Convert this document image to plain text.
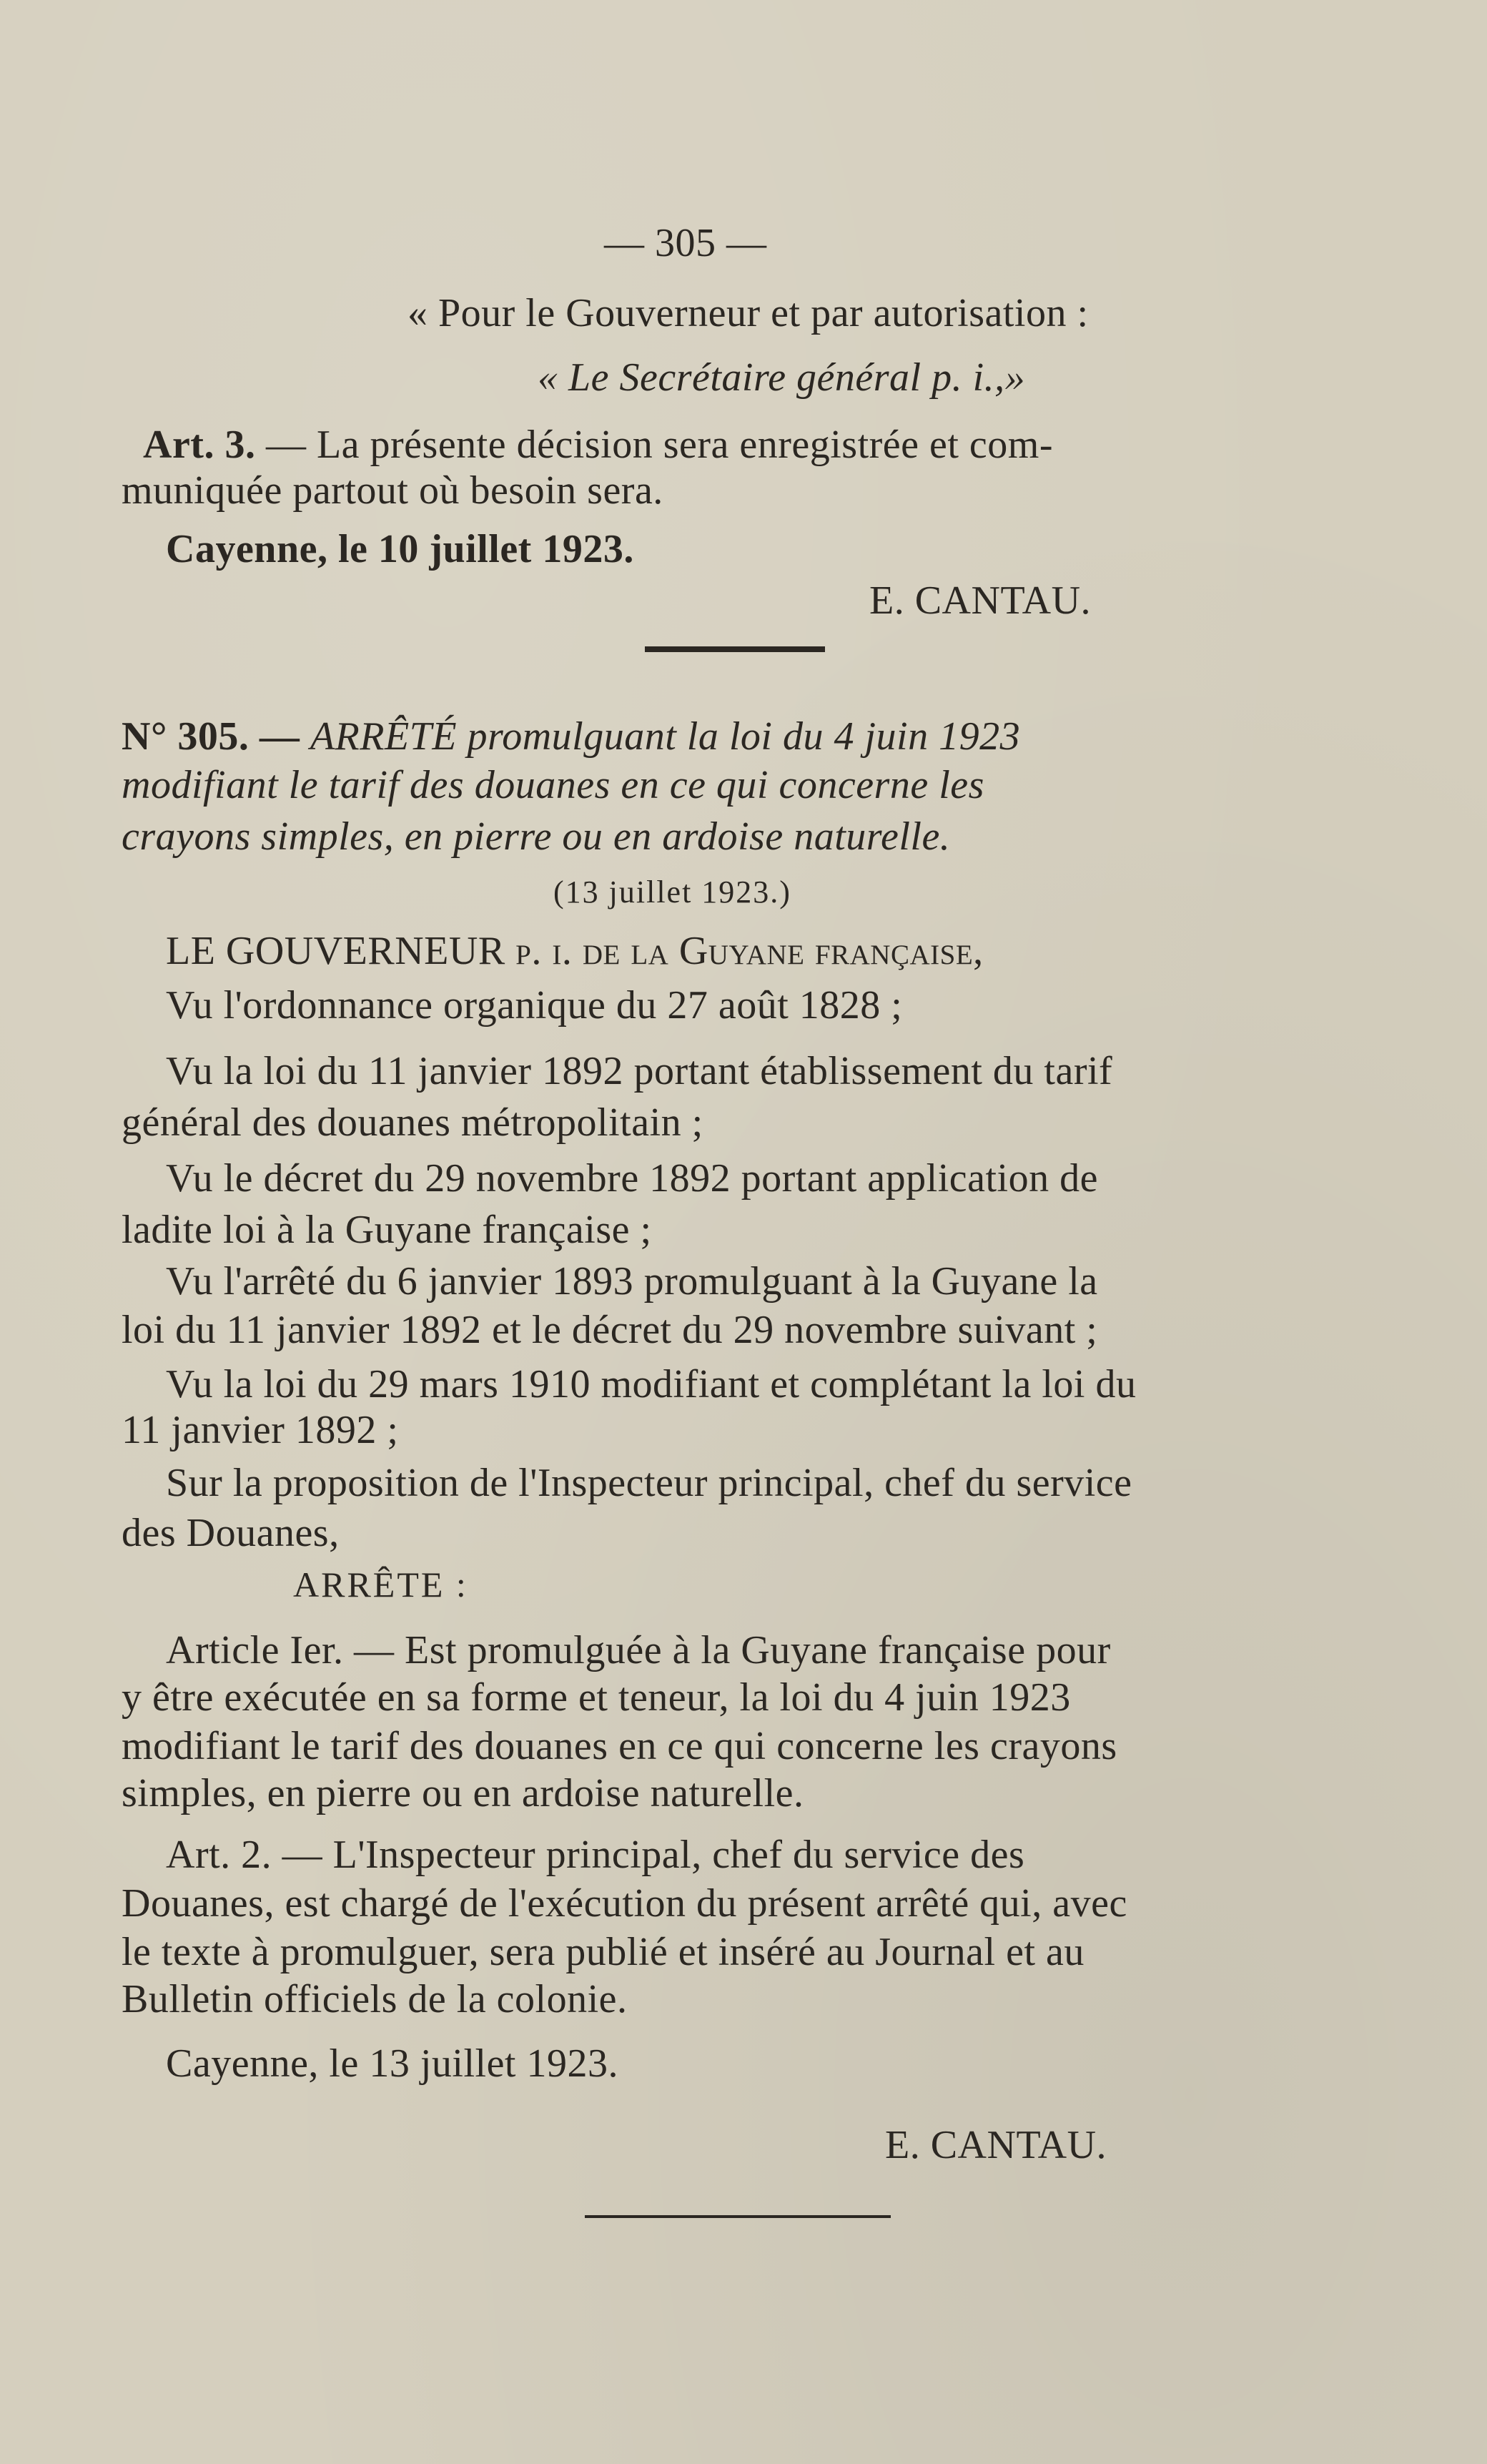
— 305 —
« Pour le Gouverneur et par autorisation :
« Le Secrétaire général p. i.,»
Art. 3. — La présente décision sera enregistrée et com-
muniquée partout où besoin sera.
Cayenne, le 10 juillet 1923.
E. CANTAU.
N° 305. — ARRÊTÉ promulguant la loi du 4 juin 1923
modifiant le tarif des douanes en ce qui concerne les
crayons simples, en pierre ou en ardoise naturelle.
(13 juillet 1923.)
LE GOUVERNEUR p. i. de la Guyane française,
Vu l'ordonnance organique du 27 août 1828 ;
Vu la loi du 11 janvier 1892 portant établissement du tarif
général des douanes métropolitain ;
Vu le décret du 29 novembre 1892 portant application de
ladite loi à la Guyane française ;
Vu l'arrêté du 6 janvier 1893 promulguant à la Guyane la
loi du 11 janvier 1892 et le décret du 29 novembre suivant ;
Vu la loi du 29 mars 1910 modifiant et complétant la loi du
11 janvier 1892 ;
Sur la proposition de l'Inspecteur principal, chef du service
des Douanes,
ARRÊTE :
Article Ier. — Est promulguée à la Guyane française pour
y être exécutée en sa forme et teneur, la loi du 4 juin 1923
modifiant le tarif des douanes en ce qui concerne les crayons
simples, en pierre ou en ardoise naturelle.
Art. 2. — L'Inspecteur principal, chef du service des
Douanes, est chargé de l'exécution du présent arrêté qui, avec
le texte à promulguer, sera publié et inséré au Journal et au
Bulletin officiels de la colonie.
Cayenne, le 13 juillet 1923.
E. CANTAU.
